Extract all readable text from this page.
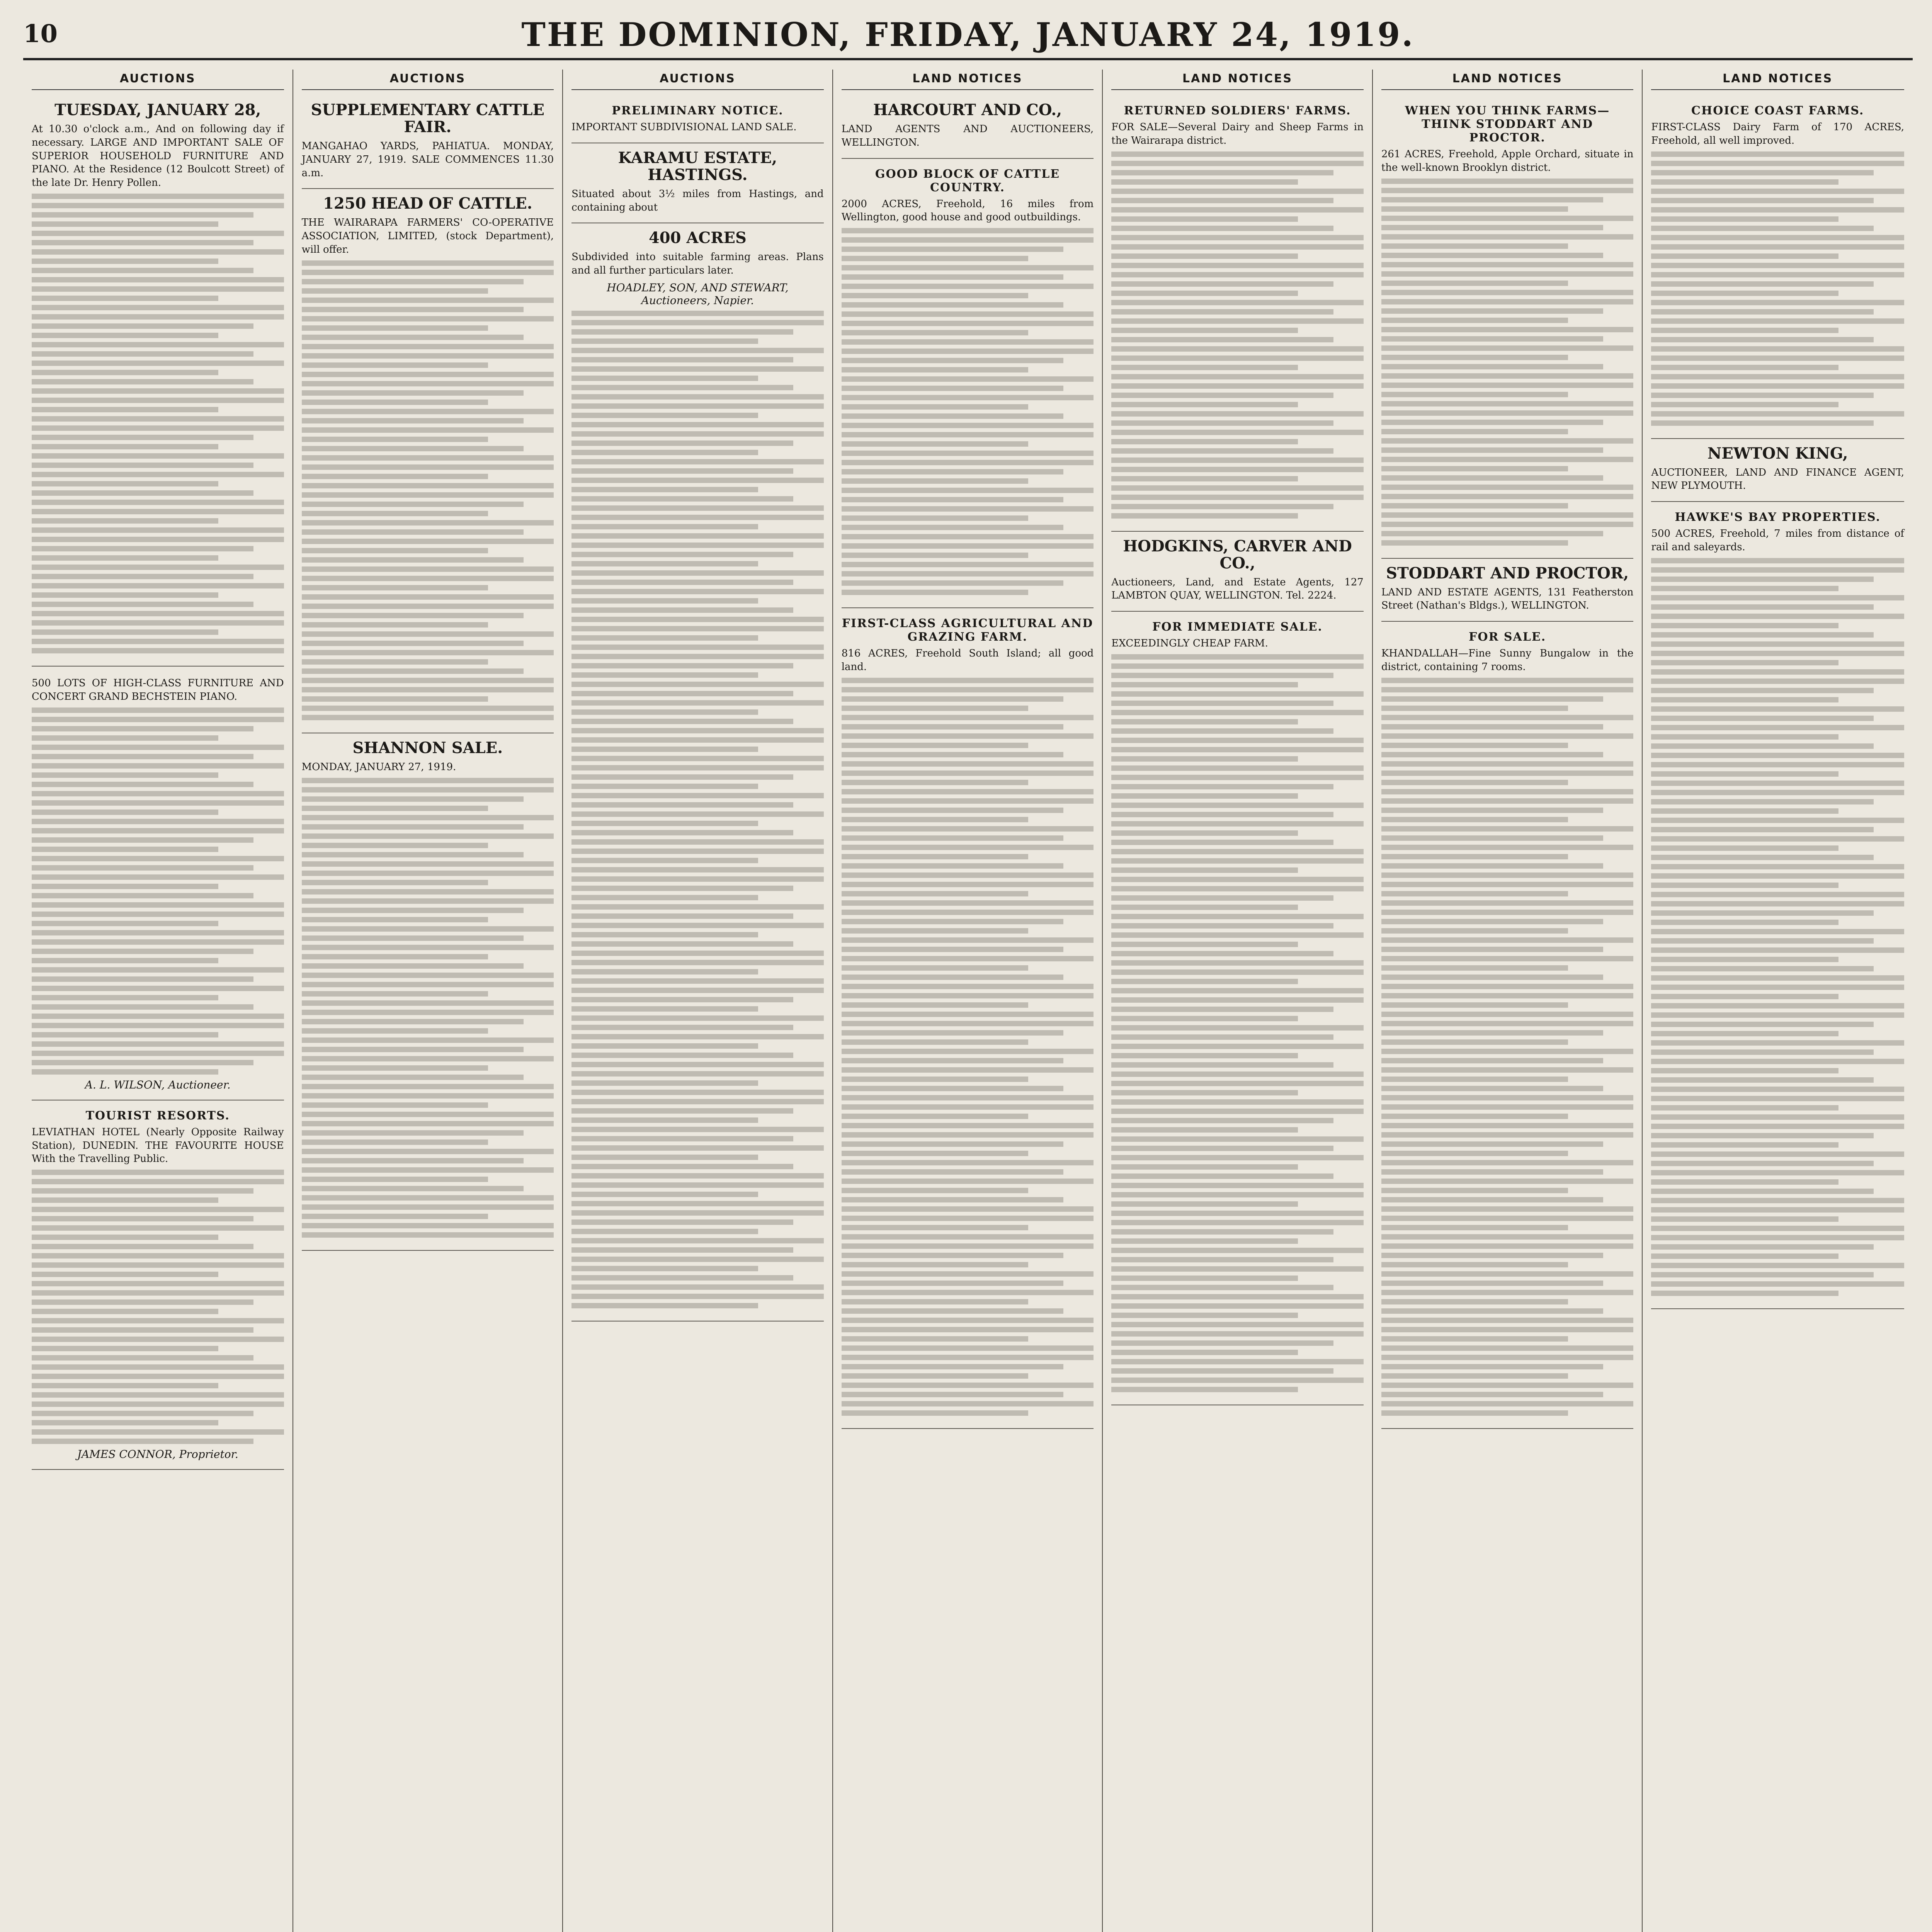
10	THE DOMINION, FRIDAY, JANUARY 24, 1919.
AUCTIONS
TUESDAY, JANUARY 28,

At 10.30 o'clock a.m., And on following day if necessary. LARGE AND IMPORTANT SALE OF SUPERIOR HOUSEHOLD FURNITURE AND PIANO. At the Residence (12 Boulcott Street) of the late Dr. Henry Pollen.

500 LOTS OF HIGH-CLASS FURNITURE AND CONCERT GRAND BECHSTEIN PIANO.

A. L. WILSON, Auctioneer.
TOURIST RESORTS.

LEVIATHAN HOTEL (Nearly Opposite Railway Station), DUNEDIN. THE FAVOURITE HOUSE With the Travelling Public.

JAMES CONNOR, Proprietor.
AUCTIONS
SUPPLEMENTARY CATTLE FAIR.

MANGAHAO YARDS, PAHIATUA. MONDAY, JANUARY 27, 1919. SALE COMMENCES 11.30 a.m.

1250 HEAD OF CATTLE.

THE WAIRARAPA FARMERS' CO-OPERATIVE ASSOCIATION, LIMITED, (stock Department), will offer.

SHANNON SALE.

MONDAY, JANUARY 27, 1919.

AUCTIONS
PRELIMINARY NOTICE.

IMPORTANT SUBDIVISIONAL LAND SALE.

KARAMU ESTATE, HASTINGS.

Situated about 3½ miles from Hastings, and containing about

400 ACRES

Subdivided into suitable farming areas. Plans and all further particulars later.

HOADLEY, SON, AND STEWART, Auctioneers, Napier.
LAND NOTICES
HARCOURT AND CO.,

LAND AGENTS AND AUCTIONEERS, WELLINGTON.

GOOD BLOCK OF CATTLE COUNTRY.

2000 ACRES, Freehold, 16 miles from Wellington, good house and good outbuildings.

FIRST-CLASS AGRICULTURAL AND GRAZING FARM.

816 ACRES, Freehold South Island; all good land.

LAND NOTICES
RETURNED SOLDIERS' FARMS.

FOR SALE—Several Dairy and Sheep Farms in the Wairarapa district.

HODGKINS, CARVER AND CO.,

Auctioneers, Land, and Estate Agents, 127 LAMBTON QUAY, WELLINGTON. Tel. 2224.

FOR IMMEDIATE SALE.

EXCEEDINGLY CHEAP FARM.

LAND NOTICES
WHEN YOU THINK FARMS—THINK STODDART AND PROCTOR.

261 ACRES, Freehold, Apple Orchard, situate in the well-known Brooklyn district.

STODDART AND PROCTOR,

LAND AND ESTATE AGENTS, 131 Featherston Street (Nathan's Bldgs.), WELLINGTON.

FOR SALE.

KHANDALLAH—Fine Sunny Bungalow in the district, containing 7 rooms.

LAND NOTICES
CHOICE COAST FARMS.

FIRST-CLASS Dairy Farm of 170 ACRES, Freehold, all well improved.

NEWTON KING,

AUCTIONEER, LAND AND FINANCE AGENT, NEW PLYMOUTH.

HAWKE'S BAY PROPERTIES.

500 ACRES, Freehold, 7 miles from distance of rail and saleyards.
